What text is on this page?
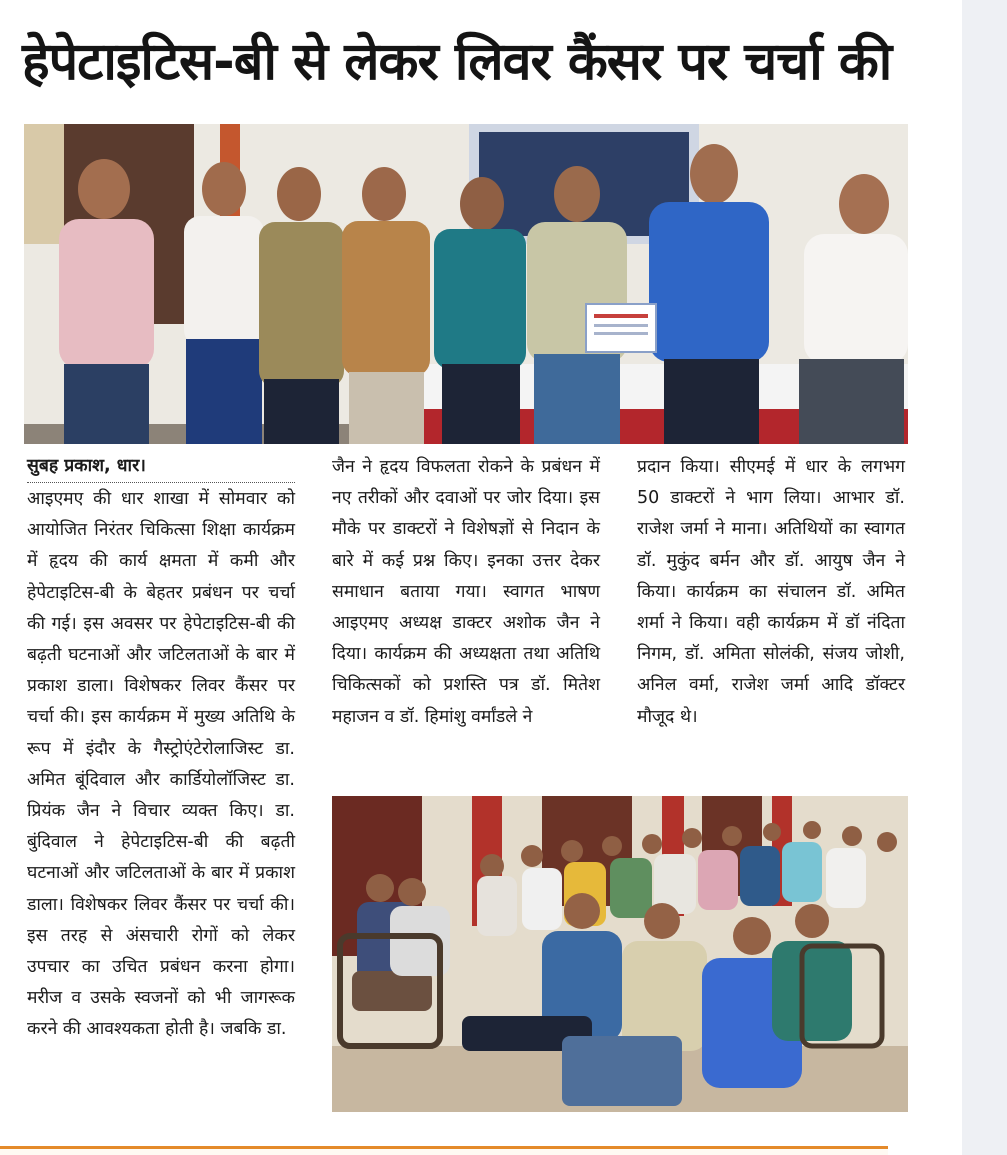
हेपेटाइटिस-बी से लेकर लिवर कैंसर पर चर्चा की
सुबह प्रकाश, धार।

आइएमए की धार शाखा में सोमवार को आयोजित निरंतर चिकित्सा शिक्षा कार्यक्रम में हृदय की कार्य क्षमता में कमी और हेपेटाइटिस-बी के बेहतर प्रबंधन पर चर्चा की गई। इस अवसर पर हेपेटाइटिस-बी की बढ़ती घटनाओं और जटिलताओं के बार में प्रकाश डाला। विशेषकर लिवर कैंसर पर चर्चा की। इस कार्यक्रम में मुख्य अतिथि के रूप में इंदौर के गैस्ट्रोएंटेरोलाजिस्ट डा. अमित बूंदिवाल और कार्डियोलॉजिस्ट डा. प्रियंक जैन ने विचार व्यक्त किए। डा. बुंदिवाल ने हेपेटाइटिस-बी की बढ़ती घटनाओं और जटिलताओं के बार में प्रकाश डाला। विशेषकर लिवर कैंसर पर चर्चा की। इस तरह से अंसचारी रोगों को लेकर उपचार का उचित प्रबंधन करना होगा। मरीज व उसके स्वजनों को भी जागरूक करने की आवश्यकता होती है। जबकि डा.

जैन ने हृदय विफलता रोकने के प्रबंधन में नए तरीकों और दवाओं पर जोर दिया। इस मौके पर डाक्टरों ने विशेषज्ञों से निदान के बारे में कई प्रश्न किए। इनका उत्तर देकर समाधान बताया गया। स्वागत भाषण आइएमए अध्यक्ष डाक्टर अशोक जैन ने दिया। कार्यक्रम की अध्यक्षता तथा अतिथि चिकित्सकों को प्रशस्ति पत्र डॉ. मितेश महाजन व डॉ. हिमांशु वर्मांडले ने

प्रदान किया। सीएमई में धार के लगभग 50 डाक्टरों ने भाग लिया। आभार डॉ. राजेश जर्मा ने माना। अतिथियों का स्वागत डॉ. मुकुंद बर्मन और डॉ. आयुष जैन ने किया। कार्यक्रम का संचालन डॉ. अमित शर्मा ने किया। वही कार्यक्रम में डॉ नंदिता निगम, डॉ. अमिता सोलंकी, संजय जोशी, अनिल वर्मा, राजेश जर्मा आदि डॉक्टर मौजूद थे।
